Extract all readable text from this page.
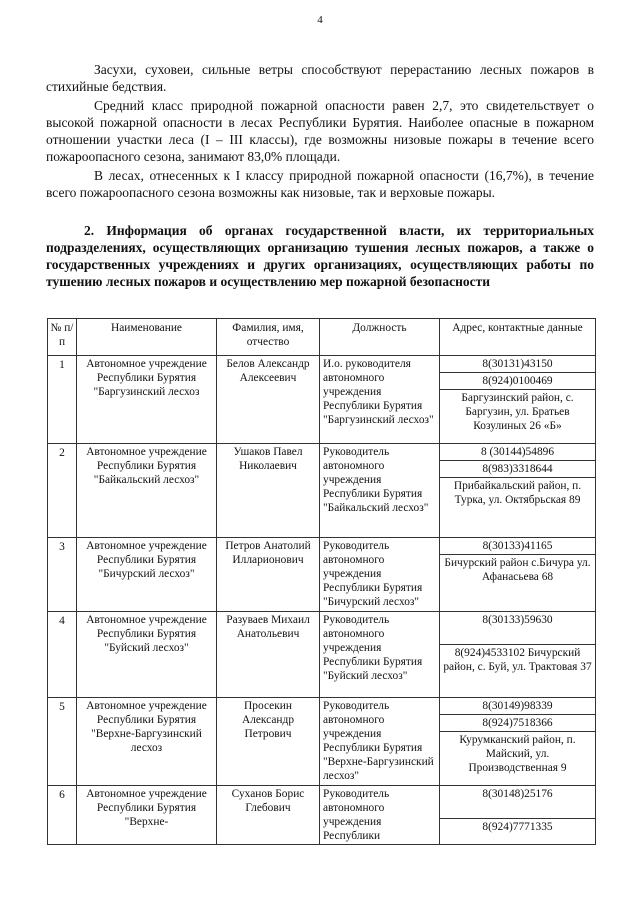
4
Засухи, суховеи, сильные ветры способствуют перерастанию лесных пожаров в стихийные бедствия.
Средний класс природной пожарной опасности равен 2,7, это свидетельствует о высокой пожарной опасности в лесах Республики Бурятия. Наиболее опасные в пожарном отношении участки леса (I – III классы), где возможны низовые пожары в течение всего пожароопасного сезона, занимают 83,0% площади.
В лесах, отнесенных к I классу природной пожарной опасности (16,7%), в течение всего пожароопасного сезона возможны как низовые, так и верховые пожары.
2. Информация об органах государственной власти, их территориальных подразделениях, осуществляющих организацию тушения лесных пожаров, а также о государственных учреждениях и других организациях, осуществляющих работы по тушению лесных пожаров и осуществлению мер пожарной безопасности
№ п/п	Наименование	Фамилия, имя, отчество	Должность	Адрес, контактные данные
1	Автономное учреждение Республики Бурятия "Баргузинский лесхоз	Белов Александр Алексеевич	И.о. руководителя автономного учреждения Республики Бурятия "Баргузинский лесхоз"	8(30131)43150
8(924)0100469
Баргузинский район, с. Баргузин, ул. Братьев Козулиных 26 «Б»

2	Автономное учреждение Республики Бурятия "Байкальский лесхоз"	Ушаков Павел Николаевич	Руководитель автономного учреждения Республики Бурятия "Байкальский лесхоз"	8 (30144)54896
8(983)3318644
Прибайкальский район, п. Турка, ул. Октябрьская 89

3	Автономное учреждение Республики Бурятия "Бичурский лесхоз"	Петров Анатолий Илларионович	Руководитель автономного учреждения Республики Бурятия "Бичурский лесхоз"	8(30133)41165
Бичурский район с.Бичура ул. Афанасьева 68

4	Автономное учреждение Республики Бурятия "Буйский лесхоз"	Разуваев Михаил Анатольевич	Руководитель автономного учреждения Республики Бурятия "Буйский лесхоз"	8(30133)59630
8(924)4533102 Бичурский район, с. Буй, ул. Трактовая 37

5	Автономное учреждение Республики Бурятия "Верхне-Баргузинский лесхоз	Просекин Александр Петрович	Руководитель автономного учреждения Республики Бурятия "Верхне-Баргузинский лесхоз"	8(30149)98339
8(924)7518366
Курумканский район, п. Майский, ул. Производственная 9

6	Автономное учреждение Республики Бурятия "Верхне-	Суханов Борис Глебович	Руководитель автономного учреждения Республики	8(30148)25176
8(924)7771335
